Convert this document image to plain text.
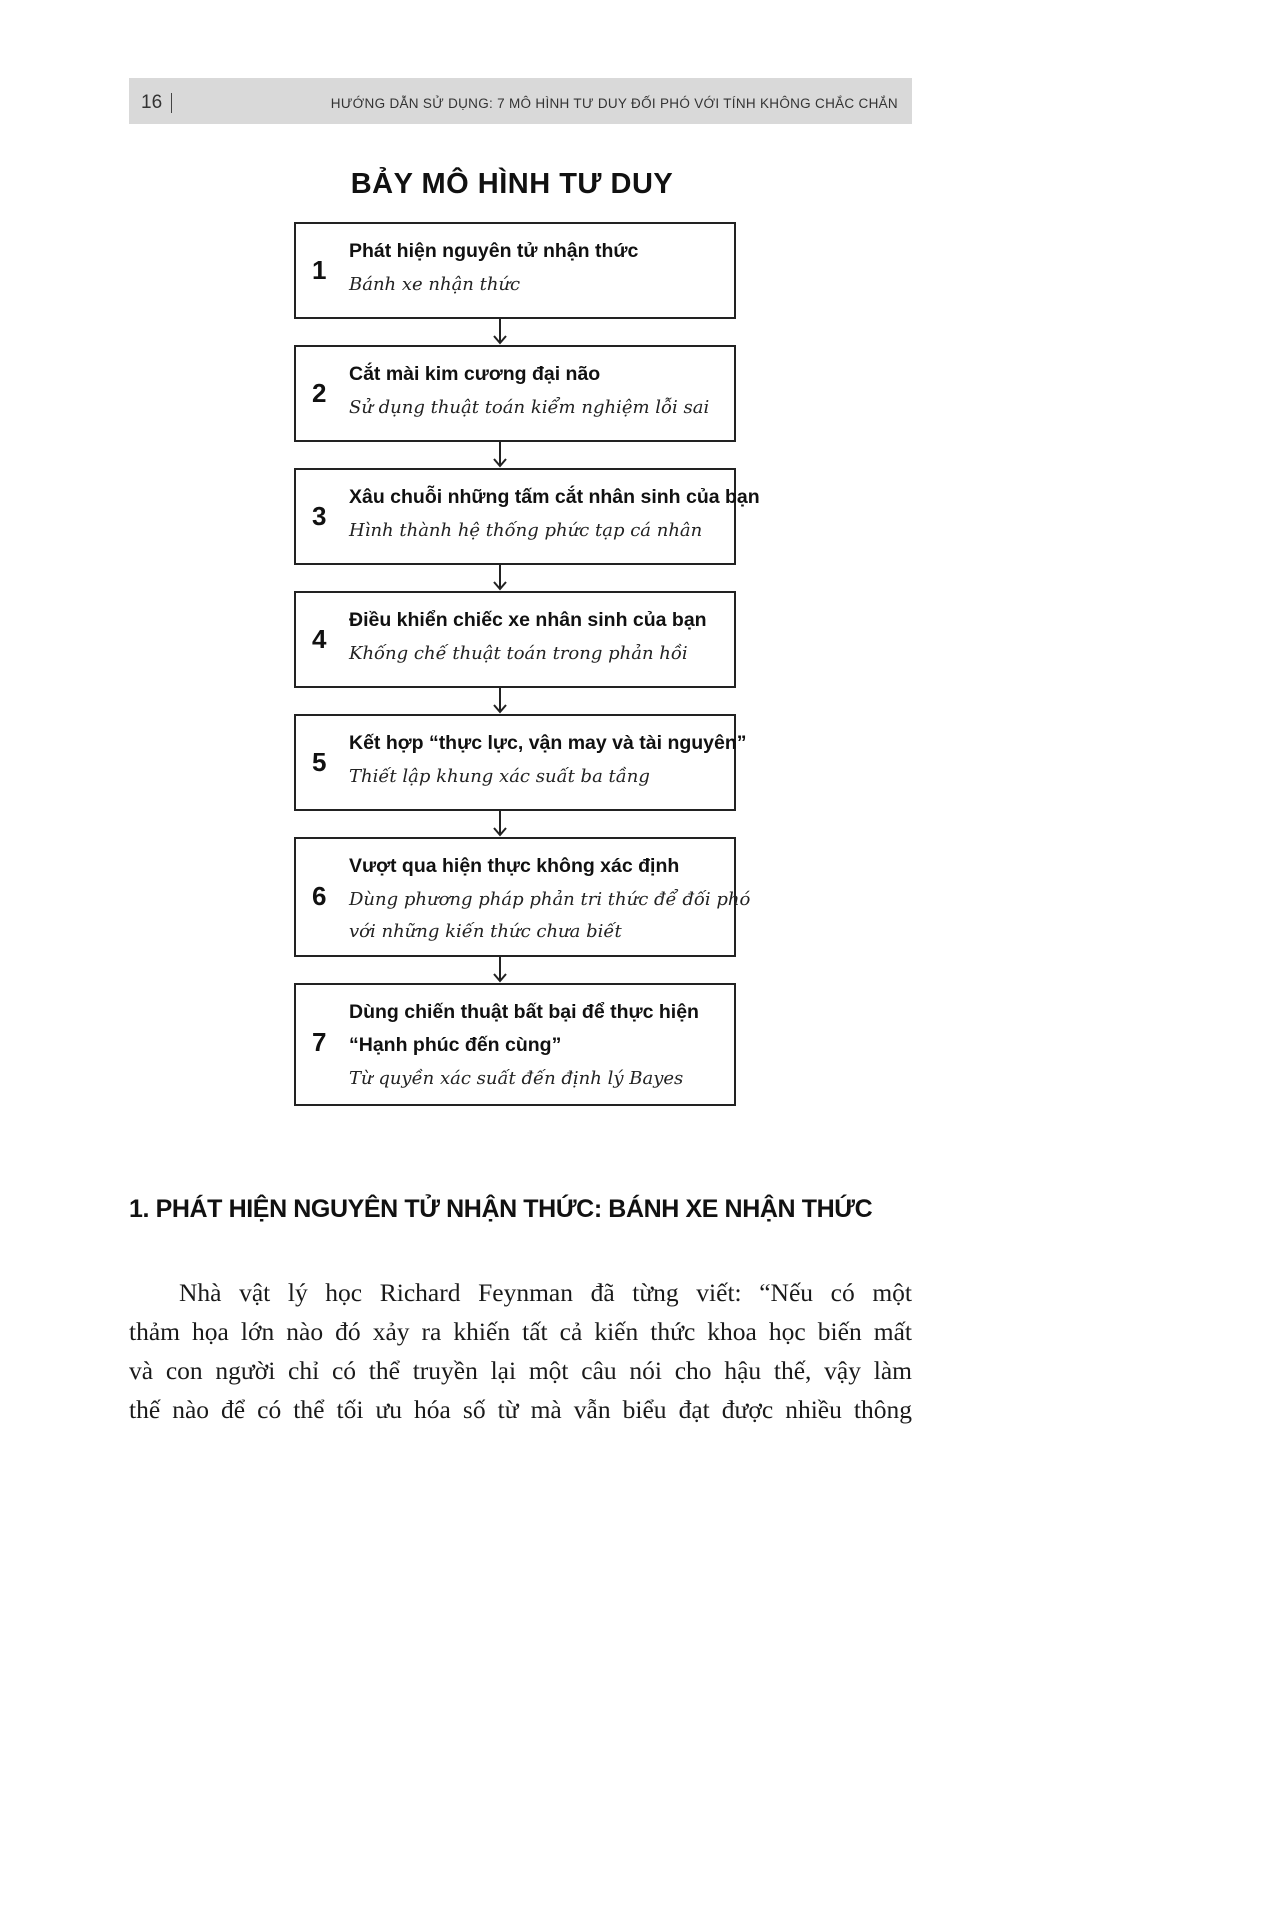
16	HƯỚNG DẪN SỬ DỤNG: 7 MÔ HÌNH TƯ DUY ĐỐI PHÓ VỚI TÍNH KHÔNG CHẮC CHẮN
BẢY MÔ HÌNH TƯ DUY
1
Phát hiện nguyên tử nhận thức
Bánh xe nhận thức
2
Cắt mài kim cương đại não
Sử dụng thuật toán kiểm nghiệm lỗi sai
3
Xâu chuỗi những tấm cắt nhân sinh của bạn
Hình thành hệ thống phức tạp cá nhân
4
Điều khiển chiếc xe nhân sinh của bạn
Khống chế thuật toán trong phản hồi
5
Kết hợp “thực lực, vận may và tài nguyên”
Thiết lập khung xác suất ba tầng
6
Vượt qua hiện thực không xác định
Dùng phương pháp phản tri thức để đối phó
với những kiến thức chưa biết
7
Dùng chiến thuật bất bại để thực hiện
“Hạnh phúc đến cùng”
Từ quyền xác suất đến định lý Bayes
1. PHÁT HIỆN NGUYÊN TỬ NHẬN THỨC: BÁNH XE NHẬN THỨC
Nhà vật lý học Richard Feynman đã từng viết: “Nếu có một
thảm họa lớn nào đó xảy ra khiến tất cả kiến thức khoa học biến mất
và con người chỉ có thể truyền lại một câu nói cho hậu thế, vậy làm
thế nào để có thể tối ưu hóa số từ mà vẫn biểu đạt được nhiều thông
